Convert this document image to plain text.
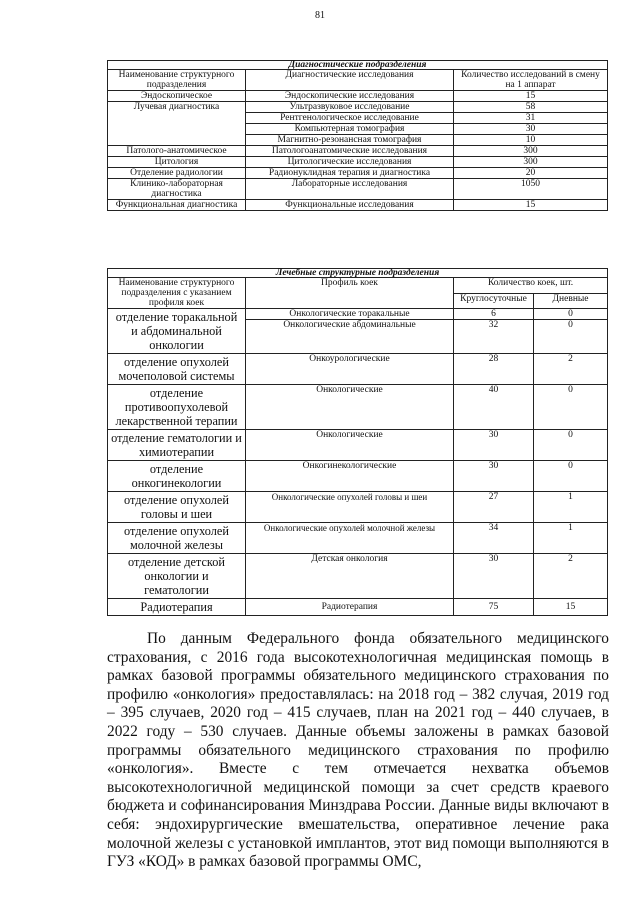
81
Диагностические подразделения		
Наименование структурного подразделения	Диагностические исследования	Количество исследований в смену на 1 аппарат
Эндоскопическое	Эндоскопические исследования	15
Лучевая диагностика	Ультразвуковое исследование	58
	Рентгенологическое исследование	31
	Компьютерная томография	30
	Магнитно-резонансная томография	10
Патолого-анатомическое	Патологоанатомические исследования	300
Цитология	Цитологические исследования	300
Отделение радиологии	Радионуклидная терапия и диагностика	20
Клинико-лабораторная диагностика	Лабораторные исследования	1050
Функциональная диагностика	Функциональные исследования	15
Лечебные структурные подразделения			
Наименование структурного подразделения с указанием профиля коек	Профиль коек	Количество коек, шт.	
		Круглосуточные	Дневные
отделение торакальной и абдоминальной онкологии	Онкологические торакальные	6	0
	Онкологические абдоминальные	32	0
отделение опухолей мочеполовой системы	Онкоурологические	28	2
отделение противоопухолевой лекарственной терапии	Онкологические	40	0
отделение гематологии и химиотерапии	Онкологические	30	0
отделение онкогинекологии	Онкогинекологические	30	0
отделение опухолей головы и шеи	Онкологические опухолей головы и шеи	27	1
отделение опухолей молочной железы	Онкологические опухолей молочной железы	34	1
отделение детской онкологии и гематологии	Детская онкология	30	2
Радиотерапия	Радиотерапия	75	15

По данным Федерального фонда обязательного медицинского страхования, с 2016 года высокотехнологичная медицинская помощь в рамках базовой программы обязательного медицинского страхования по профилю «онкология» предоставлялась: на 2018 год – 382 случая, 2019 год – 395 случаев, 2020 год – 415 случаев, план на 2021 год – 440 случаев, в 2022 году – 530 случаев. Данные объемы заложены в рамках базовой программы обязательного медицинского страхования по профилю «онкология». Вместе с тем отмечается нехватка объемов высокотехнологичной медицинской помощи за счет средств краевого бюджета и софинансирования Минздрава России. Данные виды включают в себя: эндохирургические вмешательства, оперативное лечение рака молочной железы с установкой имплантов, этот вид помощи выполняются в ГУЗ «КОД» в рамках базовой программы ОМС,
